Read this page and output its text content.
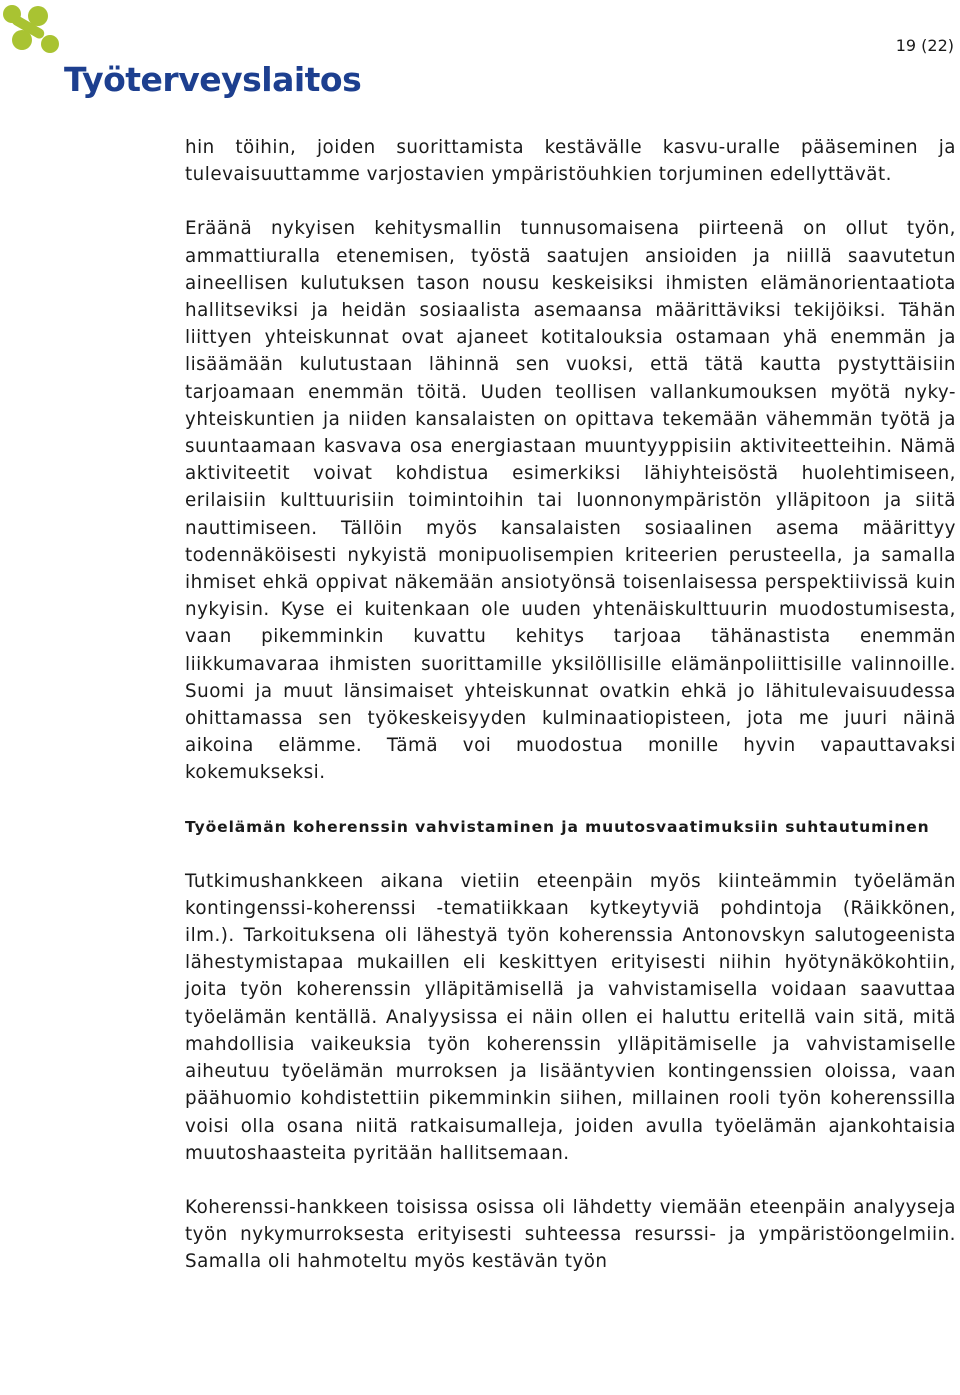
Työterveyslaitos
19 (22)

hin töihin, joiden suorittamista kestävälle kasvu-uralle pääseminen ja tulevaisuuttamme varjostavien ympäristöuhkien torjuminen edellyttävät.

Eräänä nykyisen kehitysmallin tunnusomaisena piirteenä on ollut työn, ammattiuralla etenemisen, työstä saatujen ansioiden ja niillä saavutetun aineellisen kulutuksen tason nousu keskeisiksi ihmisten elämänorientaatiota hallitseviksi ja heidän sosiaalista asemaansa määrittäviksi tekijöiksi. Tähän liittyen yhteiskunnat ovat ajaneet kotitalouksia ostamaan yhä enemmän ja lisäämään kulutustaan lähinnä sen vuoksi, että tätä kautta pystyttäisiin tarjoamaan enemmän töitä. Uuden teollisen vallankumouksen myötä nyky-yhteiskuntien ja niiden kansalaisten on opittava tekemään vähemmän työtä ja suuntaamaan kasvava osa energiastaan muuntyyppisiin aktiviteetteihin. Nämä aktiviteetit voivat kohdistua esimerkiksi lähiyhteisöstä huolehtimiseen, erilaisiin kulttuurisiin toimintoihin tai luonnonympäristön ylläpitoon ja siitä nauttimiseen. Tällöin myös kansalaisten sosiaalinen asema määrittyy todennäköisesti nykyistä monipuolisempien kriteerien perusteella, ja samalla ihmiset ehkä oppivat näkemään ansiotyönsä toisenlaisessa perspektiivissä kuin nykyisin. Kyse ei kuitenkaan ole uuden yhtenäiskulttuurin muodostumisesta, vaan pikemminkin kuvattu kehitys tarjoaa tähänastista enemmän liikkumavaraa ihmisten suorittamille yksilöllisille elämänpoliittisille valinnoille. Suomi ja muut länsimaiset yhteiskunnat ovatkin ehkä jo lähitulevaisuudessa ohittamassa sen työkeskeisyyden kulminaatiopisteen, jota me juuri näinä aikoina elämme. Tämä voi muodostua monille hyvin vapauttavaksi kokemukseksi.

Työelämän koherenssin vahvistaminen ja muutosvaatimuksiin suhtautuminen

Tutkimushankkeen aikana vietiin eteenpäin myös kiinteämmin työelämän kontingenssi-koherenssi -tematiikkaan kytkeytyviä pohdintoja (Räikkönen, ilm.). Tarkoituksena oli lähestyä työn koherenssia Antonovskyn salutogeenista lähestymistapaa mukaillen eli keskittyen erityisesti niihin hyötynäkökohtiin, joita työn koherenssin ylläpitämisellä ja vahvistamisella voidaan saavuttaa työelämän kentällä. Analyysissa ei näin ollen ei haluttu eritellä vain sitä, mitä mahdollisia vaikeuksia työn koherenssin ylläpitämiselle ja vahvistamiselle aiheutuu työelämän murroksen ja lisääntyvien kontingenssien oloissa, vaan päähuomio kohdistettiin pikemminkin siihen, millainen rooli työn koherenssilla voisi olla osana niitä ratkaisumalleja, joiden avulla työelämän ajankohtaisia muutoshaasteita pyritään hallitsemaan.

Koherenssi-hankkeen toisissa osissa oli lähdetty viemään eteenpäin analyyseja työn nykymurroksesta erityisesti suhteessa resurssi- ja ympäristöongelmiin. Samalla oli hahmoteltu myös kestävän työn
